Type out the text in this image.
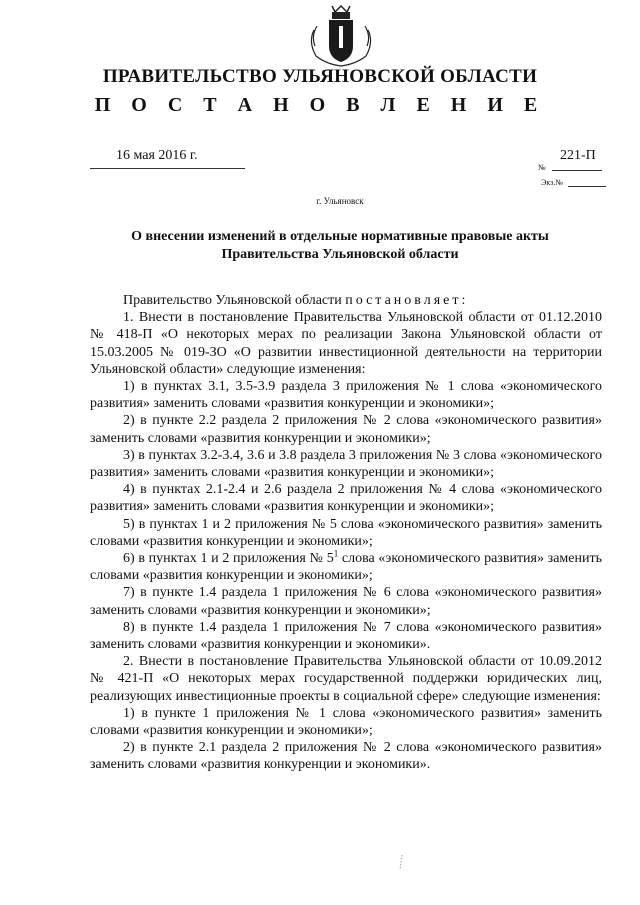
ПРАВИТЕЛЬСТВО УЛЬЯНОВСКОЙ ОБЛАСТИ
П О С Т А Н О В Л Е Н И Е
16 мая 2016 г.	221-П
№
Экз.№
г. Ульяновск
О внесении изменений в отдельные нормативные правовые акты
Правительства Ульяновской области

Правительство Ульяновской области постановляет:

1. Внести в постановление Правительства Ульяновской области от 01.12.2010 № 418-П «О некоторых мерах по реализации Закона Ульяновской области от 15.03.2005 № 019-ЗО «О развитии инвестиционной деятельности на территории Ульяновской области» следующие изменения:

1) в пунктах 3.1, 3.5-3.9 раздела 3 приложения № 1 слова «экономического развития» заменить словами «развития конкуренции и экономики»;

2) в пункте 2.2 раздела 2 приложения № 2 слова «экономического развития» заменить словами «развития конкуренции и экономики»;

3) в пунктах 3.2-3.4, 3.6 и 3.8 раздела 3 приложения № 3 слова «экономического развития» заменить словами «развития конкуренции и экономики»;

4) в пунктах 2.1-2.4 и 2.6 раздела 2 приложения № 4 слова «экономического развития» заменить словами «развития конкуренции и экономики»;

5) в пунктах 1 и 2 приложения № 5 слова «экономического развития» заменить словами «развития конкуренции и экономики»;

6) в пунктах 1 и 2 приложения № $5^1$ слова «экономического развития» заменить словами «развития конкуренции и экономики»;

7) в пункте 1.4 раздела 1 приложения № 6 слова «экономического развития» заменить словами «развития конкуренции и экономики»;

8) в пункте 1.4 раздела 1 приложения № 7 слова «экономического развития» заменить словами «развития конкуренции и экономики».

2. Внести в постановление Правительства Ульяновской области от 10.09.2012 № 421-П «О некоторых мерах государственной поддержки юридических лиц, реализующих инвестиционные проекты в социальной сфере» следующие изменения:

1) в пункте 1 приложения № 1 слова «экономического развития» заменить словами «развития конкуренции и экономики»;

2) в пункте 2.1 раздела 2 приложения № 2 слова «экономического развития» заменить словами «развития конкуренции и экономики».
